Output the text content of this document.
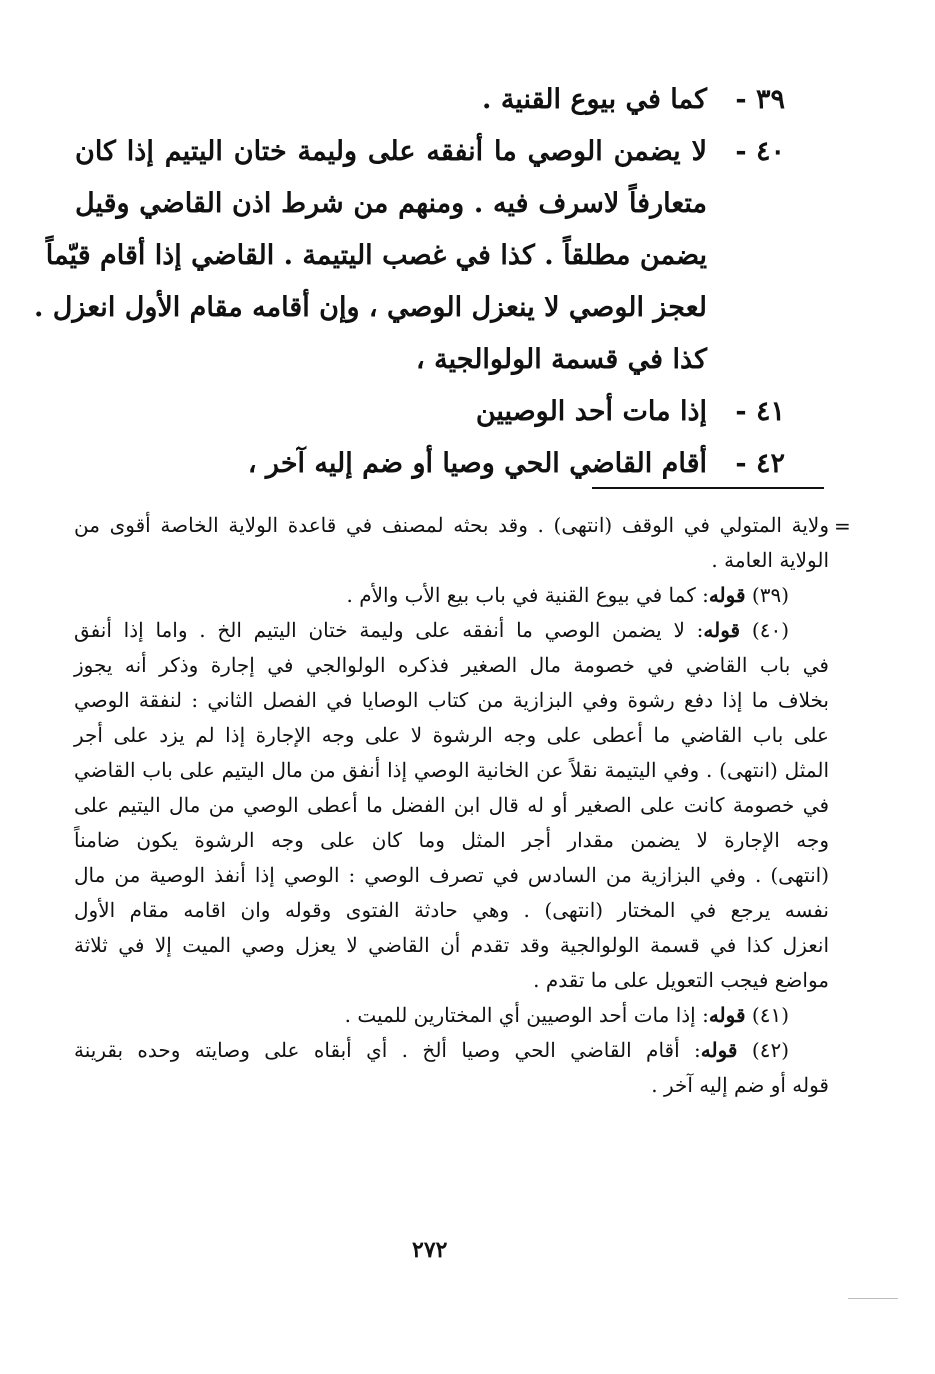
٣٩ -
كما في بيوع القنية .
٤٠ -
لا يضمن الوصي ما أنفقه على وليمة ختان اليتيم إذا كان
متعارفاً لاسرف فيه . ومنهم من شرط اذن القاضي وقيل
يضمن مطلقاً . كذا في غصب اليتيمة . القاضي إذا أقام قيّماً
لعجز الوصي لا ينعزل الوصي ، وإن أقامه مقام الأول انعزل .
كذا في قسمة الولوالجية ،
٤١ -
إذا مات أحد الوصيين
٤٢ -
أقام القاضي الحي وصيا أو ضم إليه آخر ،
=
ولاية المتولي في الوقف (انتهى) . وقد بحثه لمصنف في قاعدة الولاية الخاصة أقوى من
الولاية العامة .
(٣٩) قوله: كما في بيوع القنية في باب بيع الأب والأم .
(٤٠) قوله: لا يضمن الوصي ما أنفقه على وليمة ختان اليتيم الخ . واما إذا أنفق
في باب القاضي في خصومة مال الصغير فذكره الولوالجي في إجارة وذكر أنه يجوز
بخلاف ما إذا دفع رشوة وفي البزازية من كتاب الوصايا في الفصل الثاني : لنفقة الوصي
على باب القاضي ما أعطى على وجه الرشوة لا على وجه الإجارة إذا لم يزد على أجر
المثل (انتهى) . وفي اليتيمة نقلاً عن الخانية الوصي إذا أنفق من مال اليتيم على باب القاضي
في خصومة كانت على الصغير أو له قال ابن الفضل ما أعطى الوصي من مال اليتيم على
وجه الإجارة لا يضمن مقدار أجر المثل وما كان على وجه الرشوة يكون ضامناً
(انتهى) . وفي البزازية من السادس في تصرف الوصي : الوصي إذا أنفذ الوصية من مال
نفسه يرجع في المختار (انتهى) . وهي حادثة الفتوى وقوله وان اقامه مقام الأول
انعزل كذا في قسمة الولوالجية وقد تقدم أن القاضي لا يعزل وصي الميت إلا في ثلاثة
مواضع فيجب التعويل على ما تقدم .
(٤١) قوله: إذا مات أحد الوصيين أي المختارين للميت .
(٤٢) قوله: أقام القاضي الحي وصيا ألخ . أي أبقاه على وصايته وحده بقرينة
قوله أو ضم إليه آخر .
٢٧٢
